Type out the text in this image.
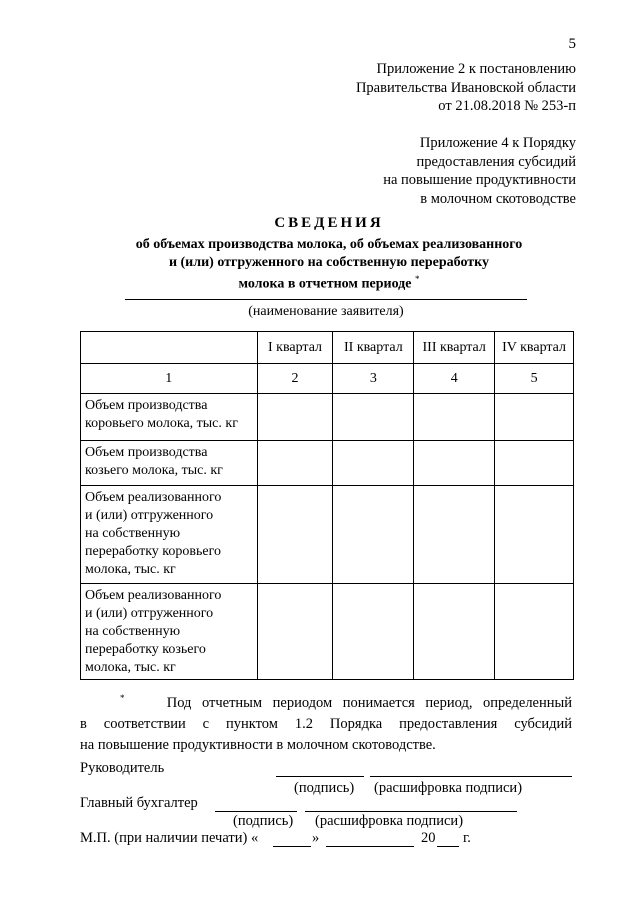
5
Приложение 2 к постановлению
Правительства Ивановской области
от 21.08.2018 № 253-п
Приложение 4 к Порядку
предоставления субсидий
на повышение продуктивности
в молочном скотоводстве
СВЕДЕНИЯ
об объемах производства молока, об объемах реализованного
и (или) отгруженного на собственную переработку
молока в отчетном периоде *
(наименование заявителя)
	I квартал	II квартал	III квартал	IV квартал
1	2	3	4	5

Объем производства
коровьего молока, тыс. кг				

Объем производства
козьего молока, тыс. кг				

Объем реализованного
и (или) отгруженного
на собственную
переработку коровьего
молока, тыс. кг				

Объем реализованного
и (или) отгруженного
на собственную
переработку козьего
молока, тыс. кг				

*	Под отчетным периодом понимается период, определенный
в соответствии с пунктом 1.2 Порядка предоставления субсидий
на повышение продуктивности в молочном скотоводстве.
Руководитель
(подпись) (расшифровка подписи)
Главный бухгалтер
(подпись) (расшифровка подписи)
М.П. (при наличии печати) «	»	20 г.
